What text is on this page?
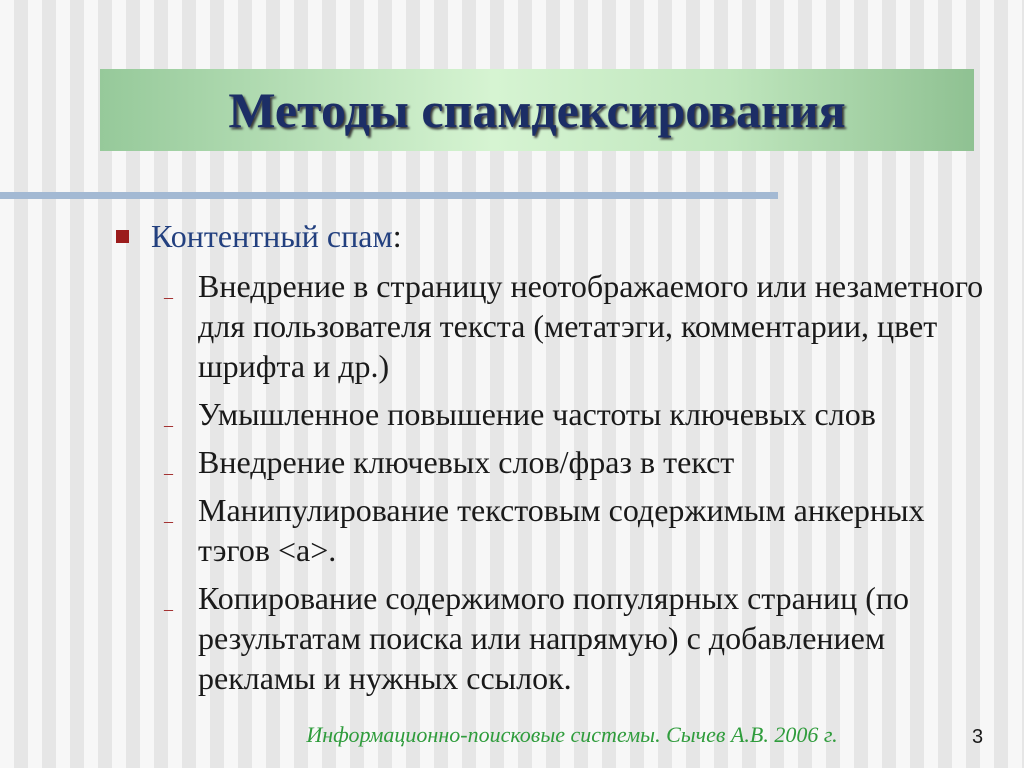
Методы спамдексирования
Контентный спам:
– Внедрение в страницу неотображаемого или незаметного для пользователя текста (метатэги, комментарии, цвет шрифта и др.)
– Умышленное повышение частоты ключевых слов
– Внедрение ключевых слов/фраз в текст
– Манипулирование текстовым содержимым анкерных тэгов <a>.
– Копирование содержимого популярных страниц (по результатам поиска или напрямую) с добавлением рекламы и нужных ссылок.
Информационно-поисковые системы. Сычев А.В. 2006 г.	3
